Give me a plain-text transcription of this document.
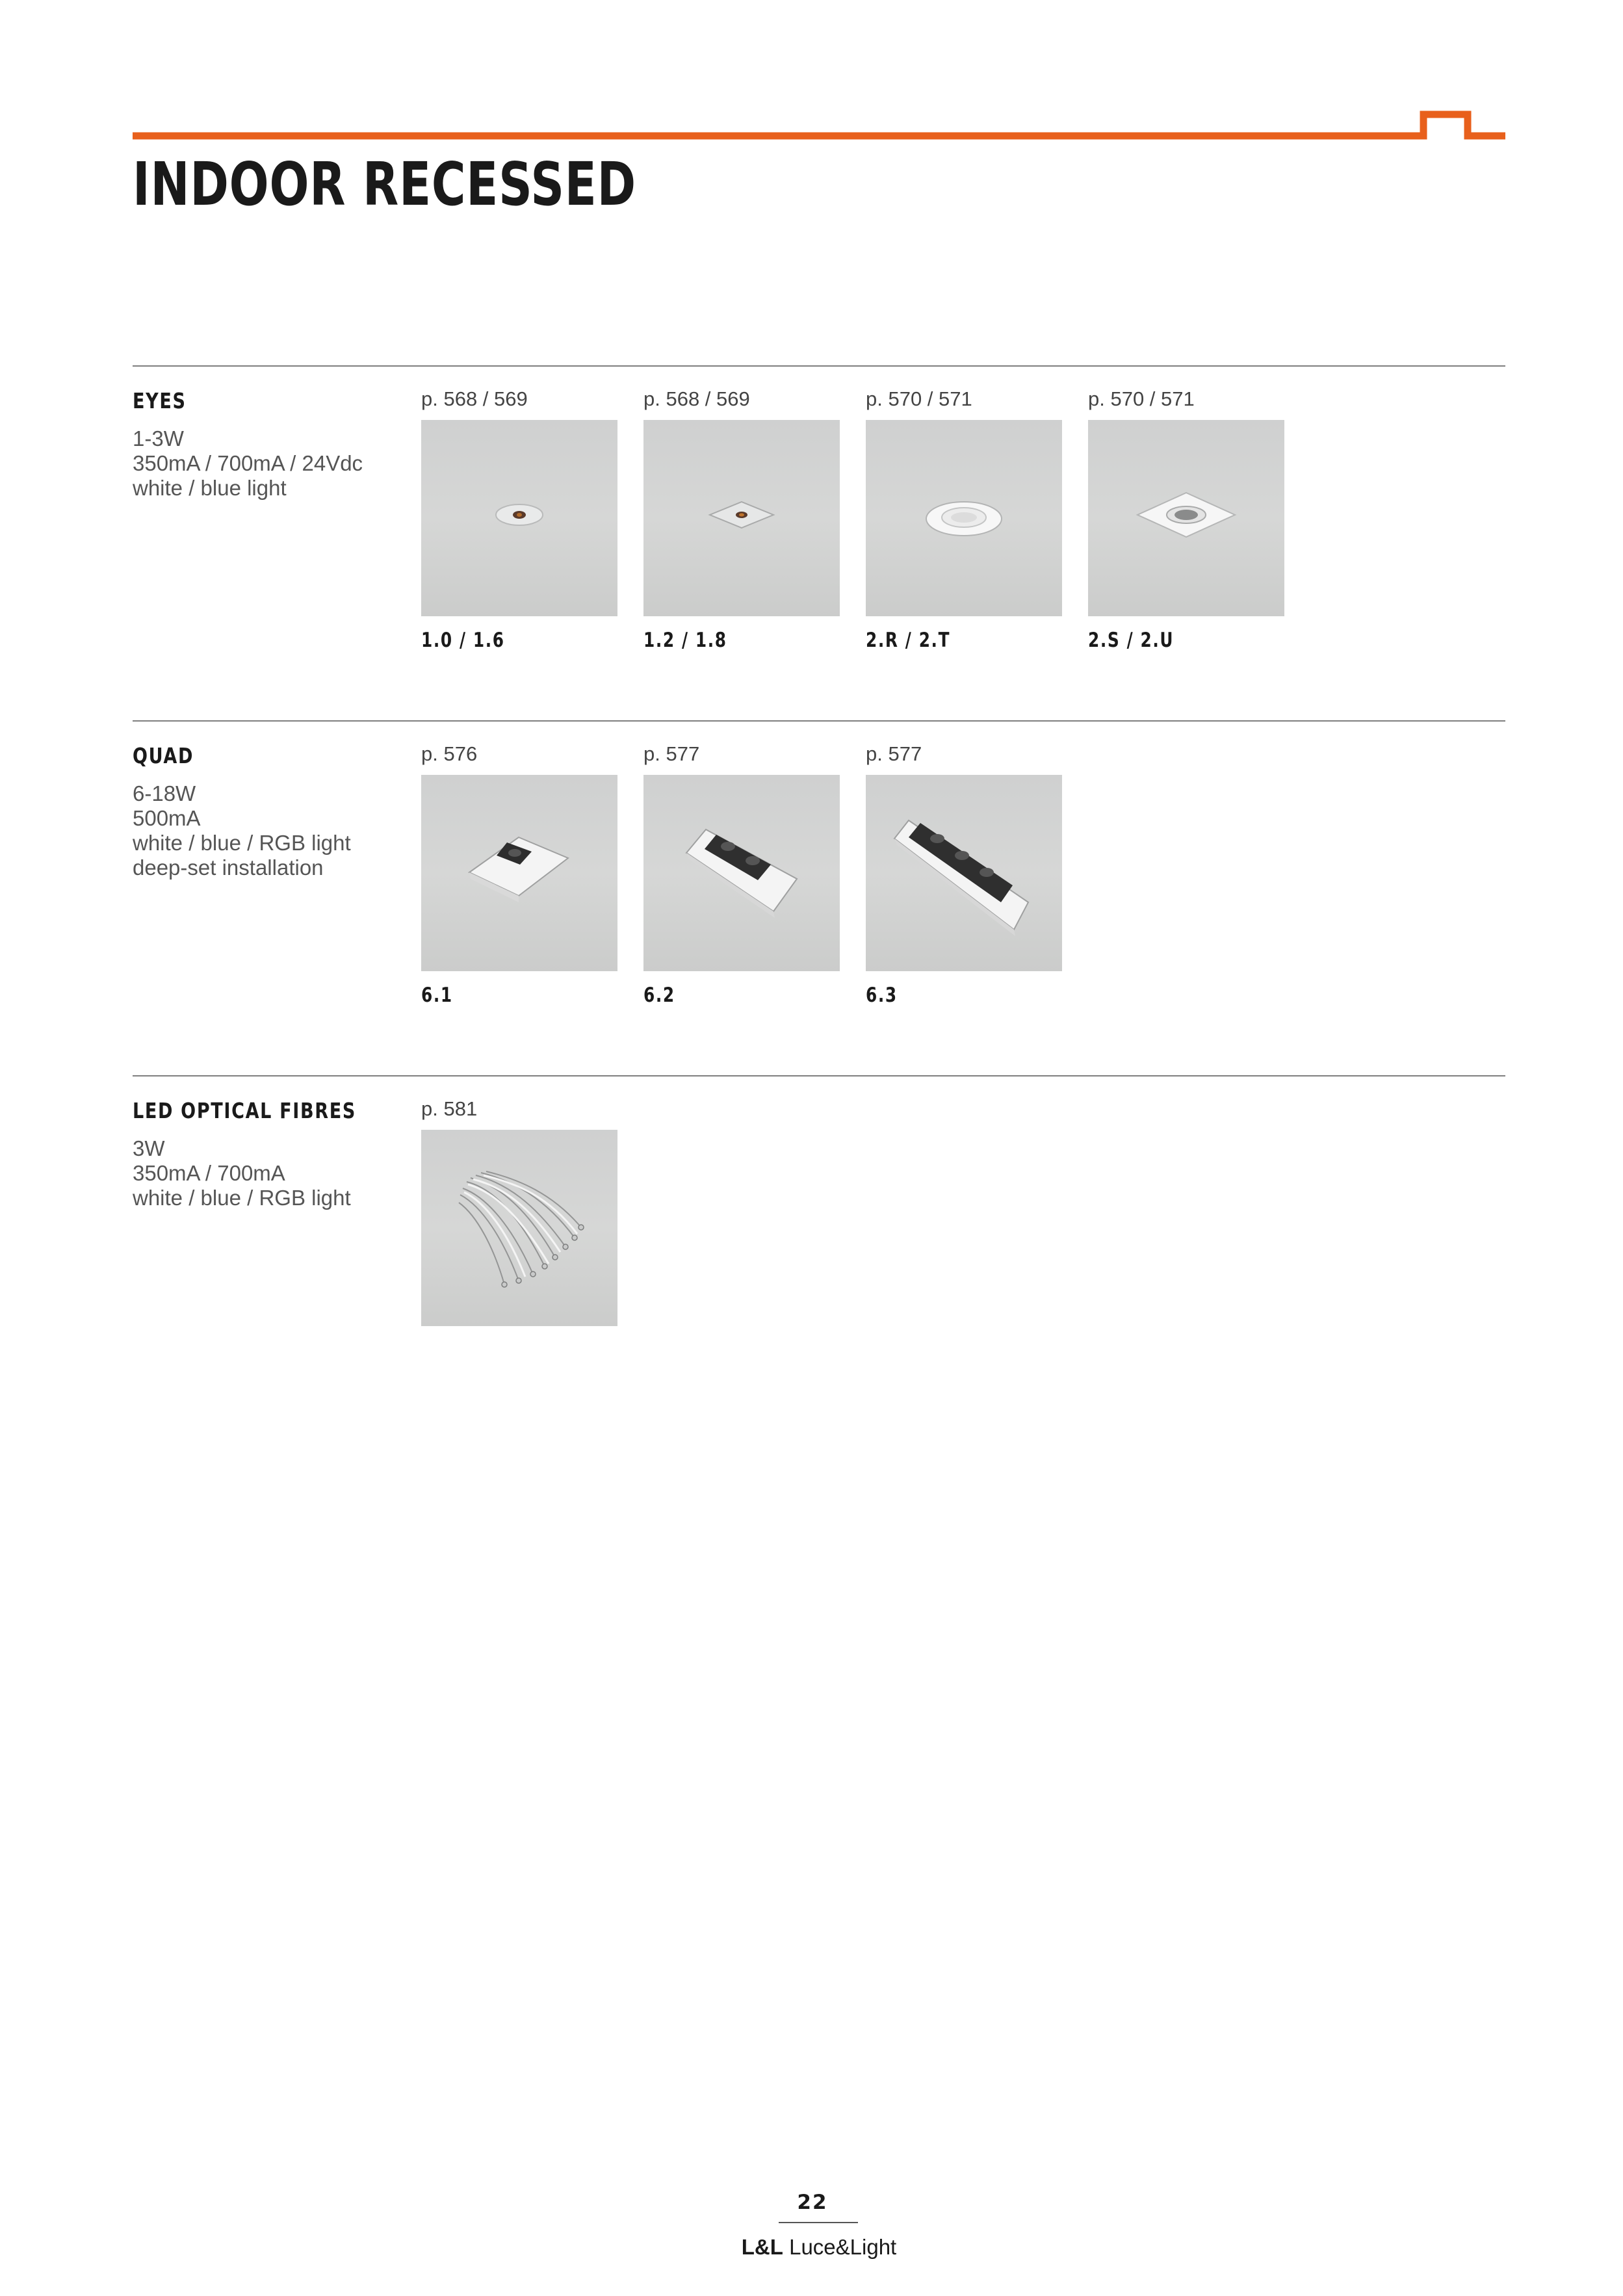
INDOOR RECESSED
EYES
1-3W
350mA / 700mA / 24Vdc
white / blue light
p. 568 / 569
1.0 / 1.6
p. 568 / 569
1.2 / 1.8
p. 570 / 571
2.R / 2.T
p. 570 / 571
2.S / 2.U
QUAD
6-18W
500mA
white / blue / RGB light
deep-set installation
p. 576
6.1
p. 577
6.2
p. 577
6.3
LED OPTICAL FIBRES
3W
350mA / 700mA
white / blue / RGB light
p. 581
22
L&L Luce&Light
